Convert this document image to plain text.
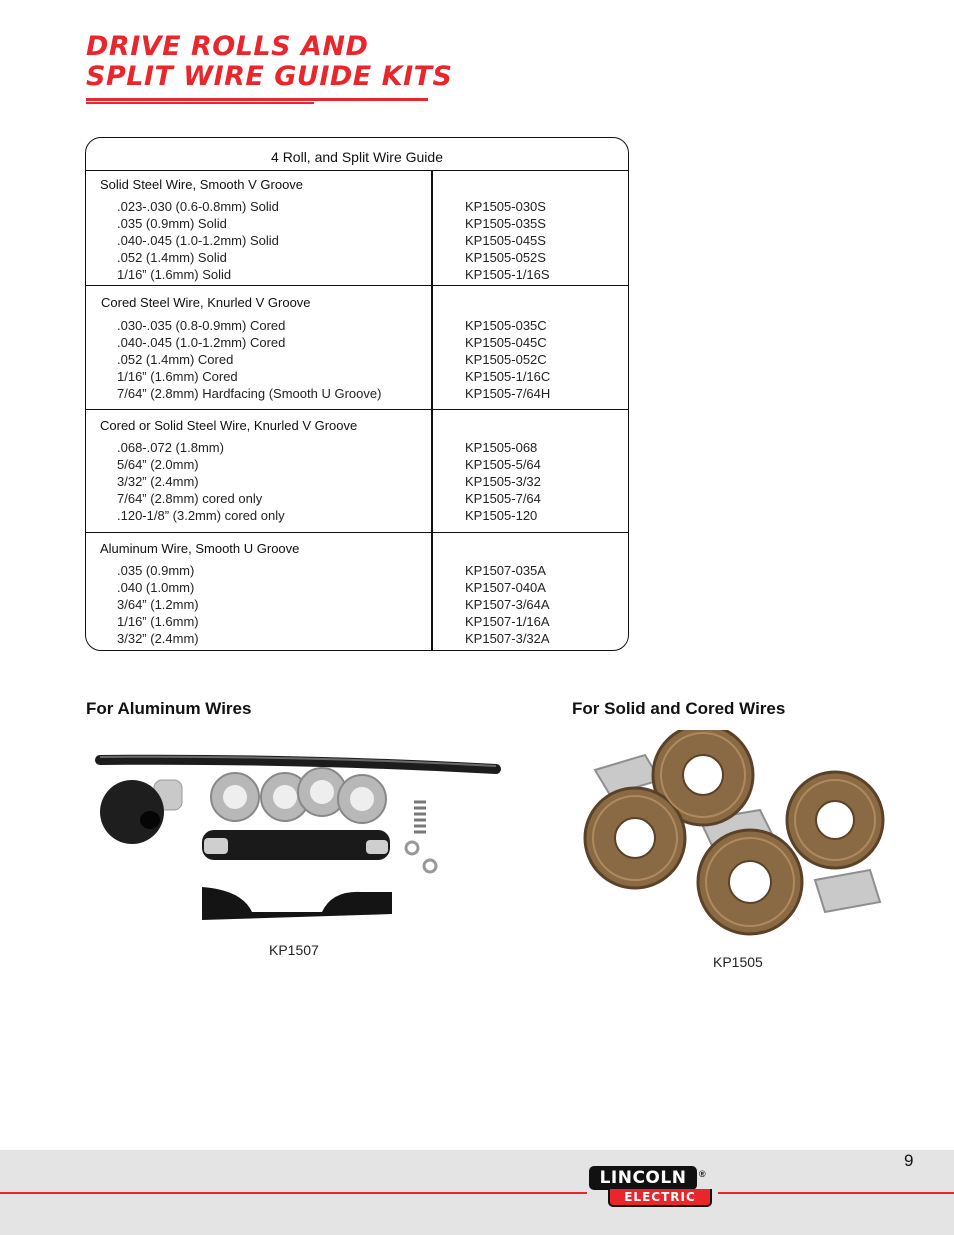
DRIVE ROLLS AND
SPLIT WIRE GUIDE KITS
4 Roll, and Split Wire Guide
Solid Steel Wire, Smooth V Groove
.023-.030 (0.6-0.8mm) Solid	KP1505-030S
.035 (0.9mm) Solid	KP1505-035S
.040-.045 (1.0-1.2mm) Solid	KP1505-045S
.052 (1.4mm) Solid	KP1505-052S
1/16” (1.6mm) Solid	KP1505-1/16S
Cored Steel Wire, Knurled V Groove
.030-.035 (0.8-0.9mm) Cored	KP1505-035C
.040-.045 (1.0-1.2mm) Cored	KP1505-045C
.052 (1.4mm) Cored	KP1505-052C
1/16” (1.6mm) Cored	KP1505-1/16C
7/64” (2.8mm) Hardfacing (Smooth U Groove)	KP1505-7/64H
Cored or Solid Steel Wire, Knurled V Groove
.068-.072 (1.8mm)	KP1505-068
5/64” (2.0mm)	KP1505-5/64
3/32” (2.4mm)	KP1505-3/32
7/64” (2.8mm) cored only	KP1505-7/64
.120-1/8” (3.2mm) cored only	KP1505-120
Aluminum Wire, Smooth U Groove
.035 (0.9mm)	KP1507-035A
.040 (1.0mm)	KP1507-040A
3/64” (1.2mm)	KP1507-3/64A
1/16” (1.6mm)	KP1507-1/16A
3/32” (2.4mm)	KP1507-3/32A
For Aluminum Wires
KP1507
For Solid and Cored Wires
KP1505
9
LINCOLN	®
ELECTRIC
